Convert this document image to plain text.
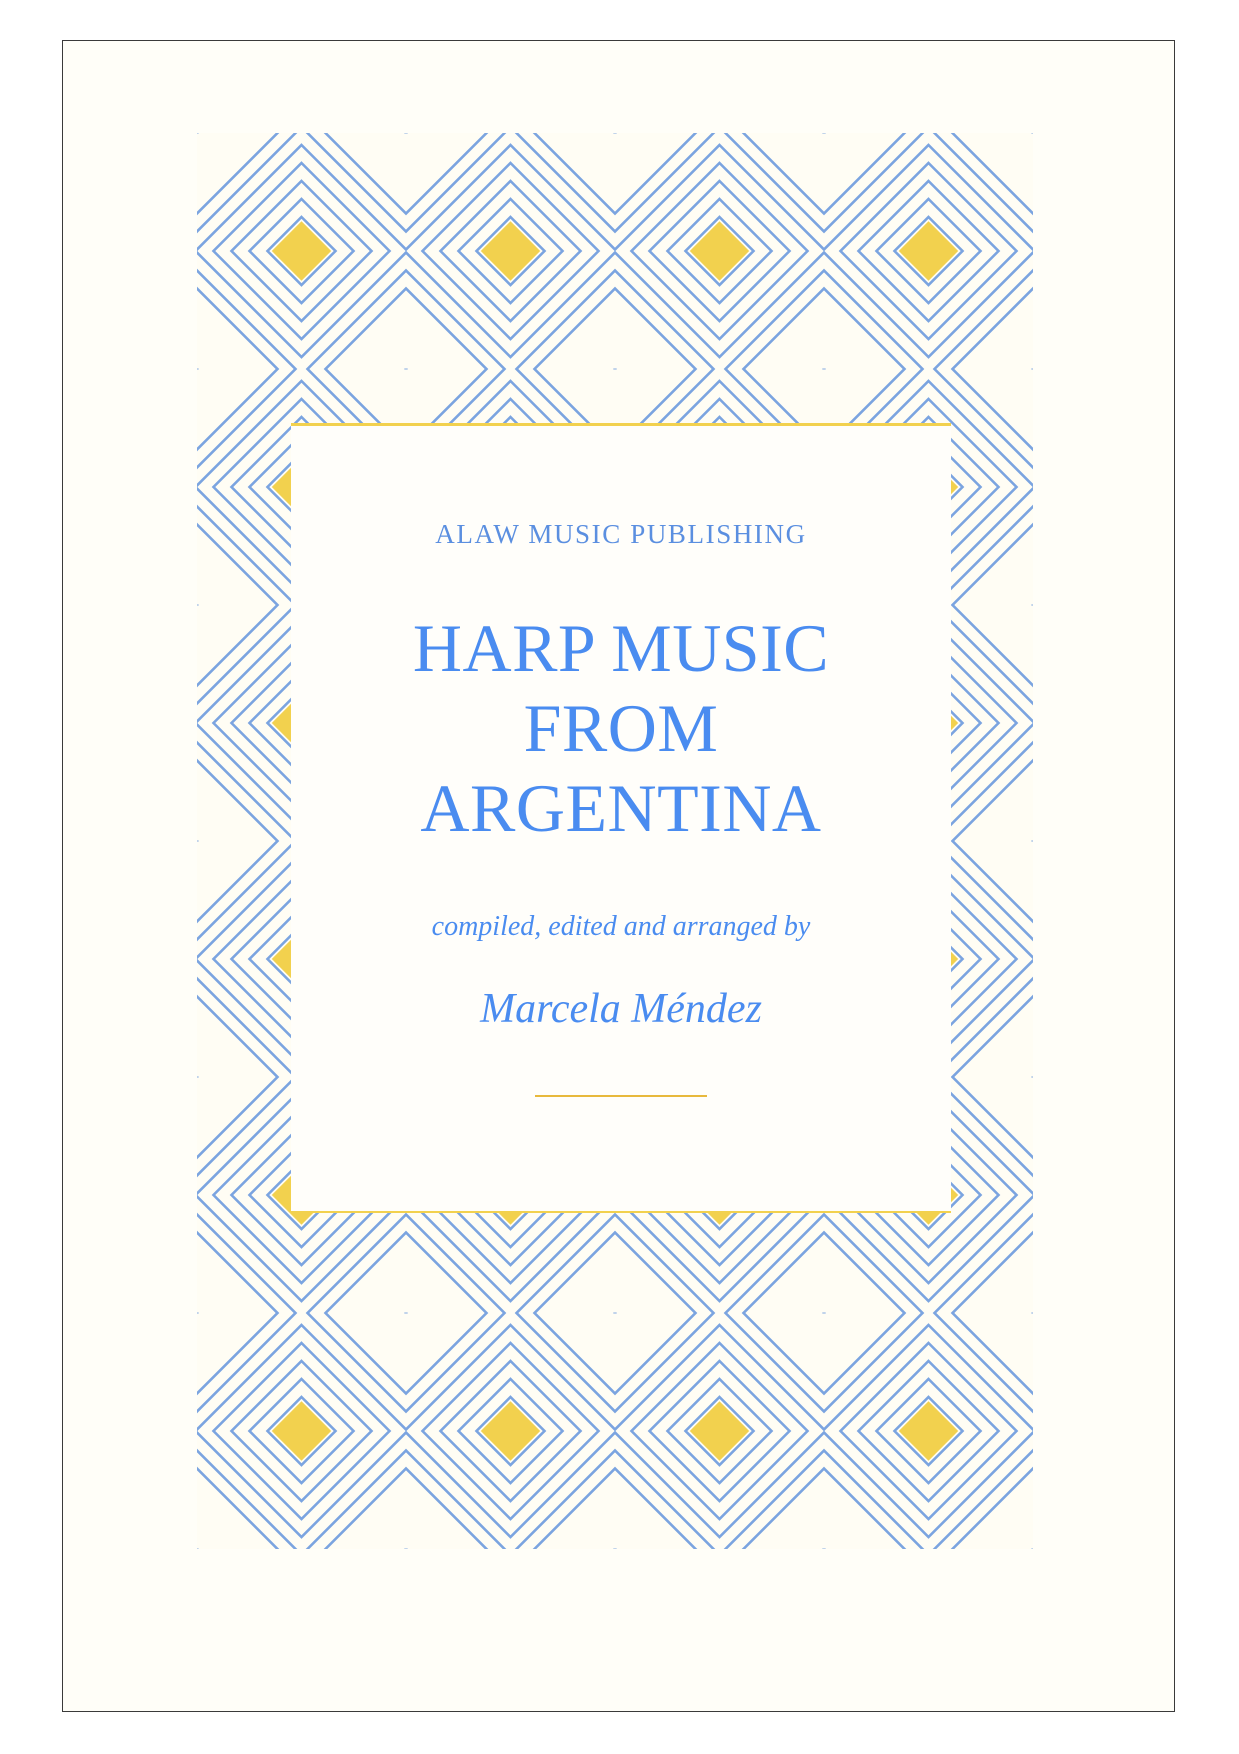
ALAW MUSIC PUBLISHING
HARP MUSIC
FROM
ARGENTINA
compiled, edited and arranged by
Marcela Méndez
